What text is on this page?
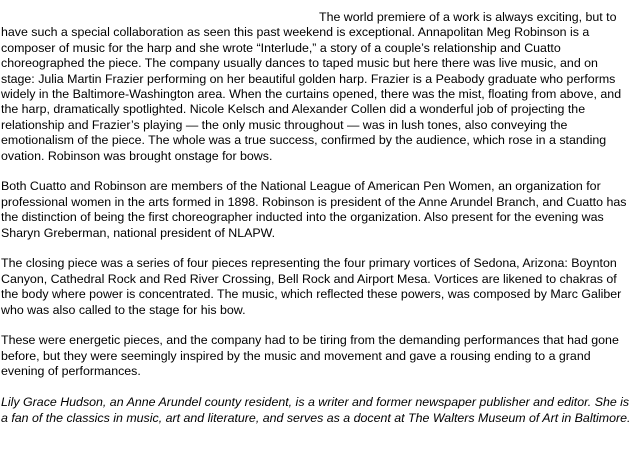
The world premiere of a work is always exciting, but to have such a special collaboration as seen this past weekend is exceptional. Annapolitan Meg Robinson is a composer of music for the harp and she wrote “Interlude,” a story of a couple’s relationship and Cuatto choreographed the piece. The company usually dances to taped music but here there was live music, and on stage: Julia Martin Frazier performing on her beautiful golden harp. Frazier is a Peabody graduate who performs widely in the Baltimore-Washington area. When the curtains opened, there was the mist, floating from above, and the harp, dramatically spotlighted. Nicole Kelsch and Alexander Collen did a wonderful job of projecting the relationship and Frazier’s playing — the only music throughout — was in lush tones, also conveying the emotionalism of the piece. The whole was a true success, confirmed by the audience, which rose in a standing ovation. Robinson was brought onstage for bows.

Both Cuatto and Robinson are members of the National League of American Pen Women, an organization for professional women in the arts formed in 1898. Robinson is president of the Anne Arundel Branch, and Cuatto has the distinction of being the first choreographer inducted into the organization. Also present for the evening was Sharyn Greberman, national president of NLAPW.

The closing piece was a series of four pieces representing the four primary vortices of Sedona, Arizona: Boynton Canyon, Cathedral Rock and Red River Crossing, Bell Rock and Airport Mesa. Vortices are likened to chakras of the body where power is concentrated. The music, which reflected these powers, was composed by Marc Galiber who was also called to the stage for his bow.

These were energetic pieces, and the company had to be tiring from the demanding performances that had gone before, but they were seemingly inspired by the music and movement and gave a rousing ending to a grand evening of performances.

Lily Grace Hudson, an Anne Arundel county resident, is a writer and former newspaper publisher and editor. She is a fan of the classics in music, art and literature, and serves as a docent at The Walters Museum of Art in Baltimore.
